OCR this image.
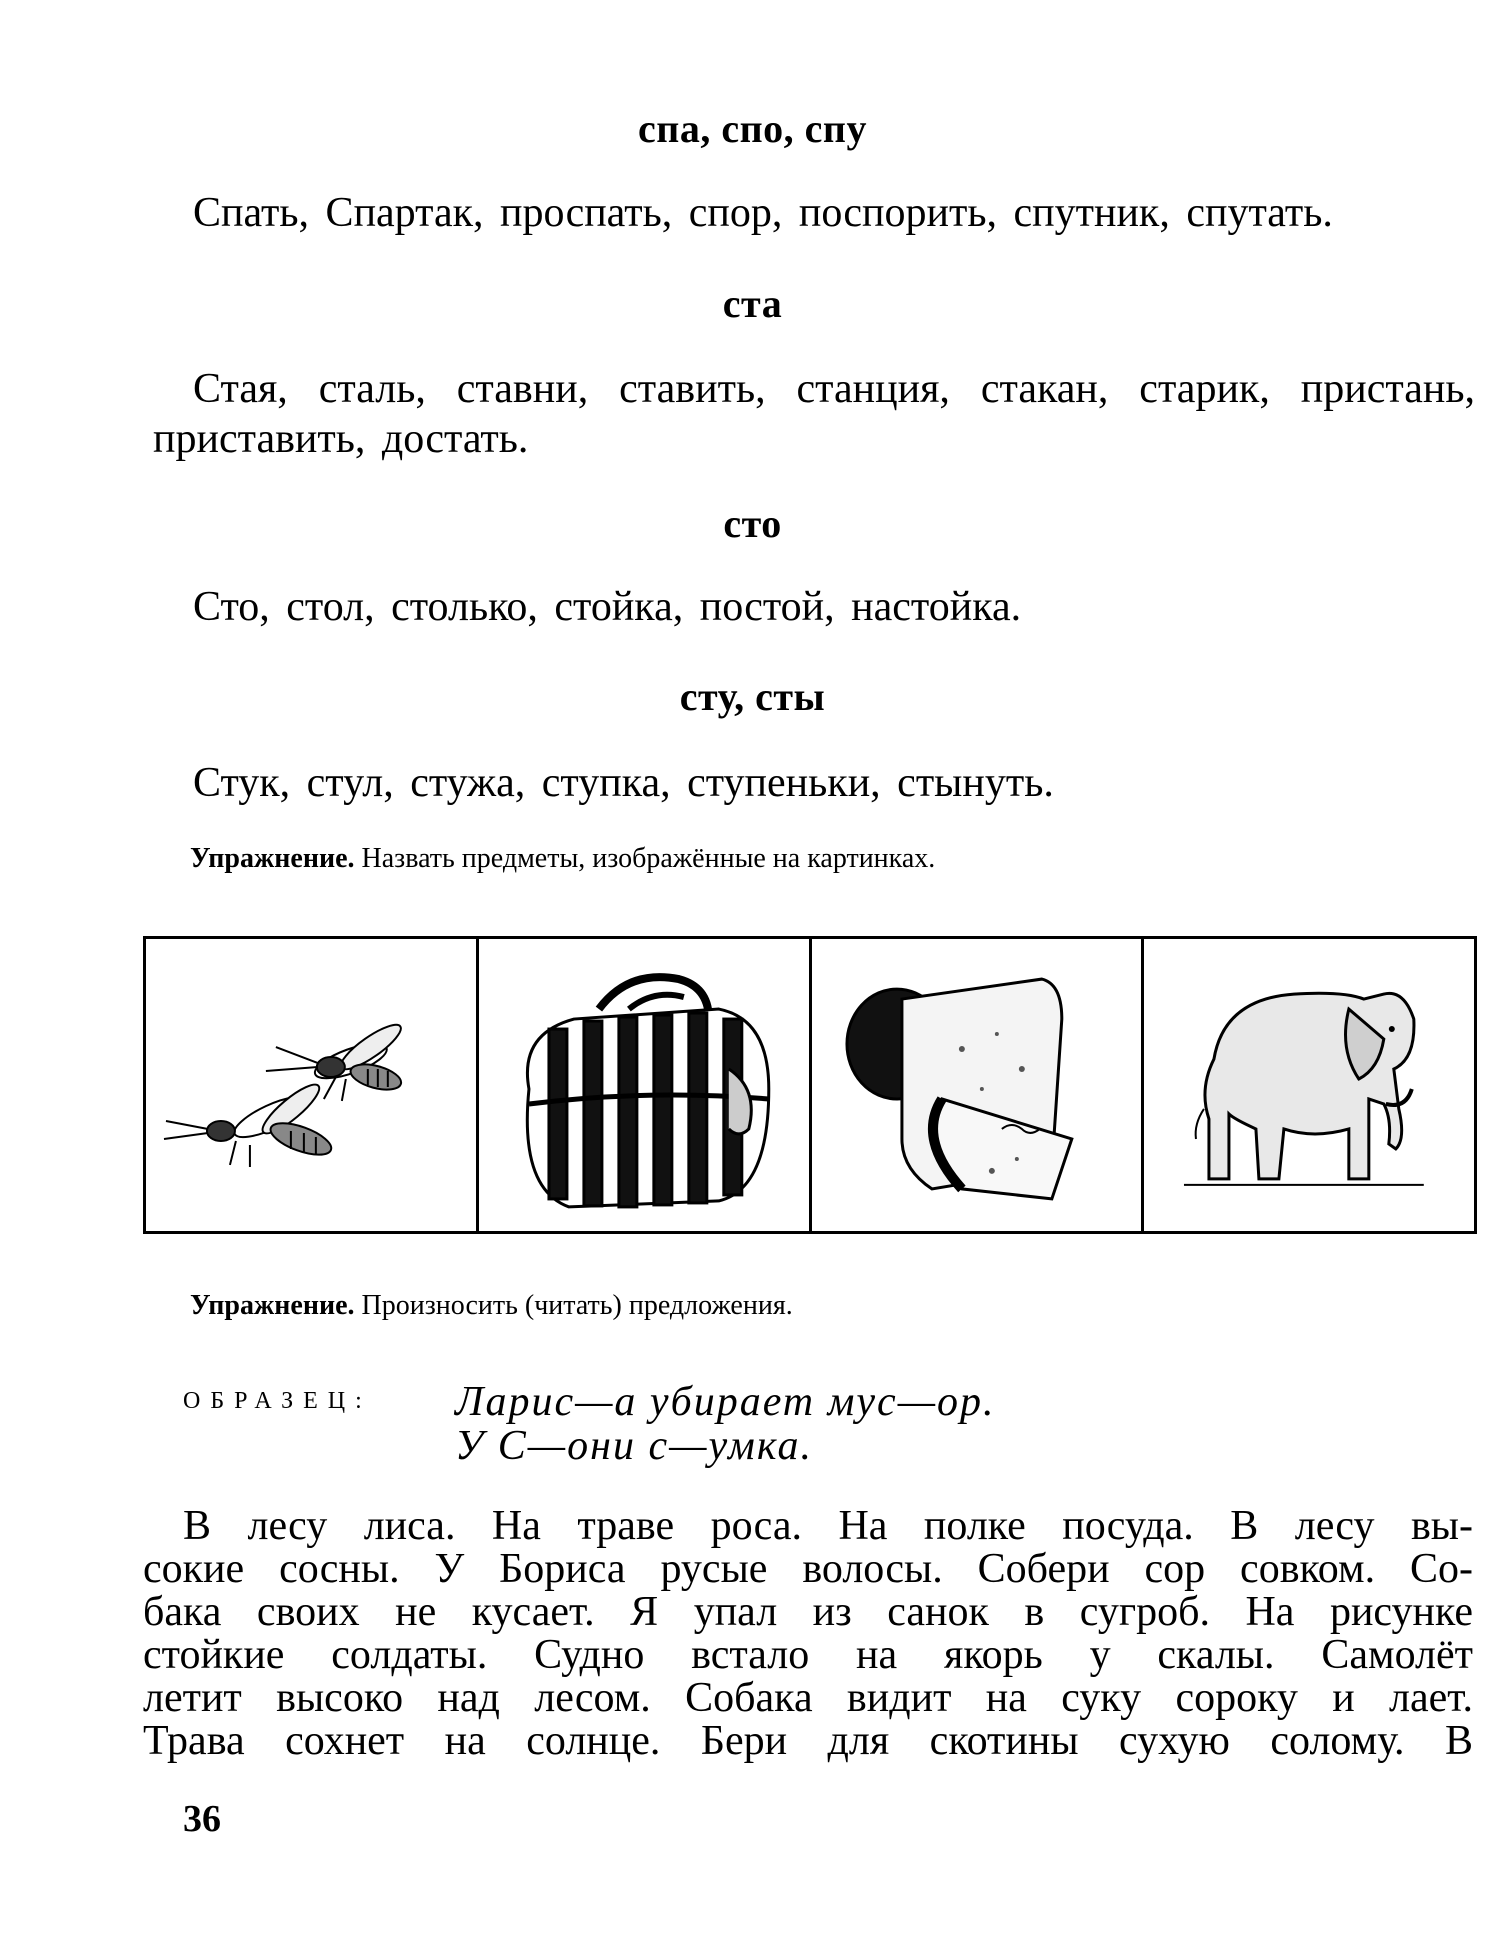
спа, спо, спу
Спать, Спартак, проспать, спор, поспорить, спутник, спутать.
ста
Стая, сталь, ставни, ставить, станция, стакан, старик, пристань, приставить, достать.
сто
Сто, стол, столько, стойка, постой, настойка.
сту, сты
Стук, стул, стужа, ступка, ступеньки, стынуть.
Упражнение. Назвать предметы, изображённые на картинках.
Упражнение. Произносить (читать) предложения.
ОБРАЗЕЦ: Ларис—а убирает мус—ор.
У С—они с—умка.
В лесу лиса. На траве роса. На полке посуда. В лесу вы-
сокие сосны. У Бориса русые волосы. Собери сор совком. Со-
бака своих не кусает. Я упал из санок в сугроб. На рисунке
стойкие солдаты. Судно встало на якорь у скалы. Самолёт
летит высоко над лесом. Собака видит на суку сороку и лает.
Трава сохнет на солнце. Бери для скотины сухую солому. В
36
